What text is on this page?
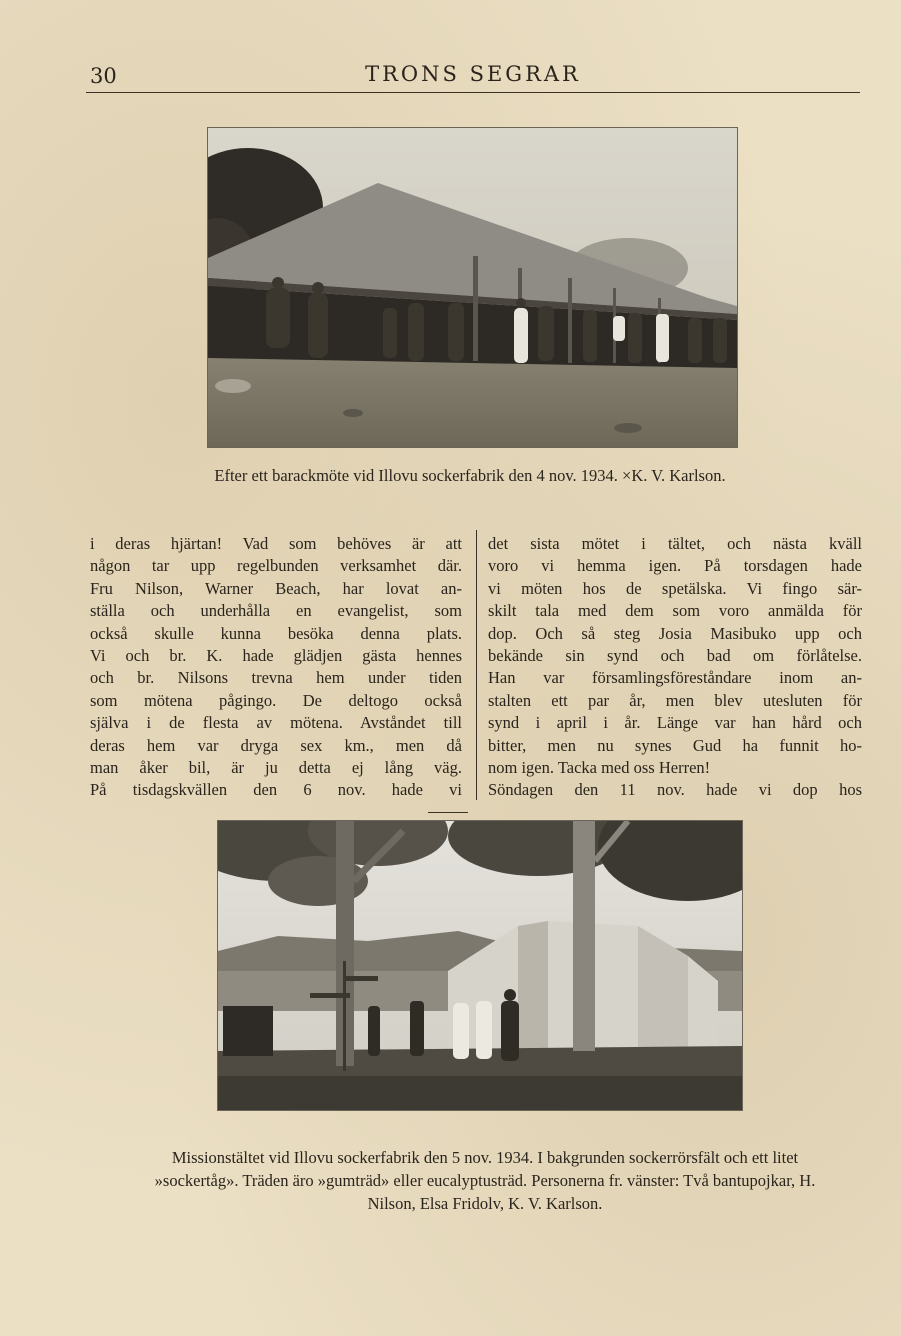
30	TRONS SEGRAR
Efter ett barackmöte vid Illovu sockerfabrik den 4 nov. 1934. ×K. V. Karlson.
i deras hjärtan! Vad som behöves är att
någon tar upp regelbunden verksamhet där.
Fru Nilson, Warner Beach, har lovat an-
ställa och underhålla en evangelist, som
också skulle kunna besöka denna plats.
Vi och br. K. hade glädjen gästa hennes
och br. Nilsons trevna hem under tiden
som mötena pågingo. De deltogo också
själva i de flesta av mötena. Avståndet till
deras hem var dryga sex km., men då
man åker bil, är ju detta ej lång väg.
På tisdagskvällen den 6 nov. hade vi
det sista mötet i tältet, och nästa kväll
voro vi hemma igen. På torsdagen hade
vi möten hos de spetälska. Vi fingo sär-
skilt tala med dem som voro anmälda för
dop. Och så steg Josia Masibuko upp och
bekände sin synd och bad om förlåtelse.
Han var församlingsföreståndare inom an-
stalten ett par år, men blev utesluten för
synd i april i år. Länge var han hård och
bitter, men nu synes Gud ha funnit ho-
nom igen. Tacka med oss Herren!
Söndagen den 11 nov. hade vi dop hos
Missionstältet vid Illovu sockerfabrik den 5 nov. 1934. I bakgrunden sockerrörsfält och ett litet »sockertåg». Träden äro »gumträd» eller eucalyptusträd. Personerna fr. vänster: Två bantupojkar, H. Nilson, Elsa Fridolv, K. V. Karlson.
